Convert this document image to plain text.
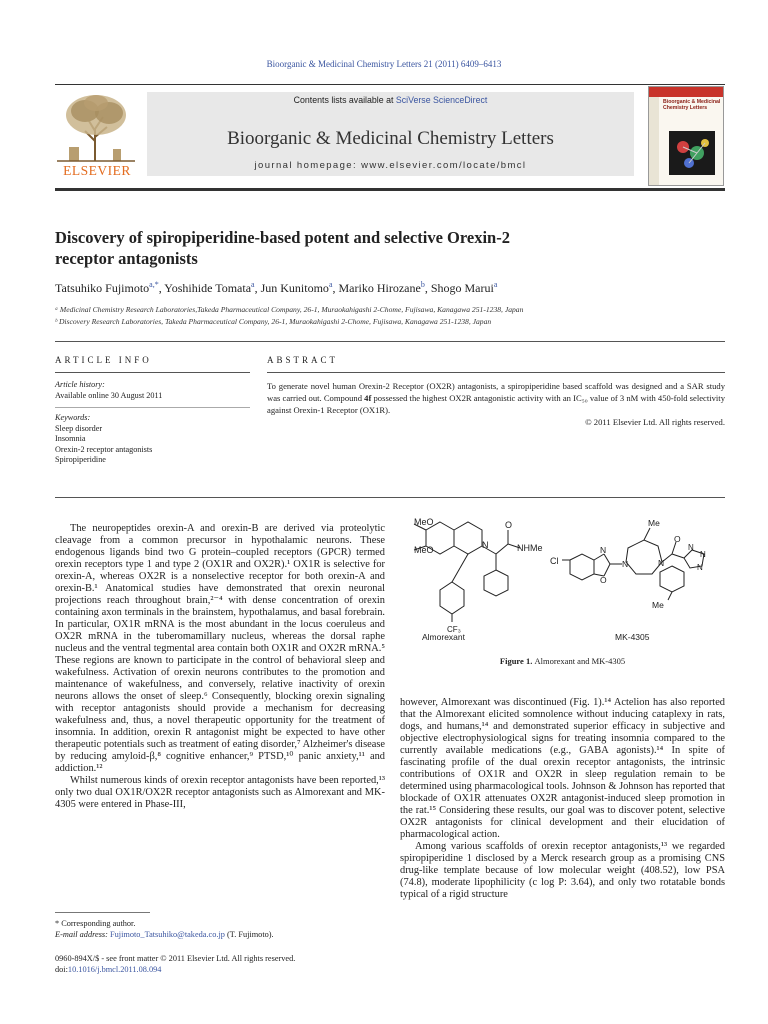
Bioorganic & Medicinal Chemistry Letters 21 (2011) 6409–6413
ELSEVIER
Contents lists available at SciVerse ScienceDirect
Bioorganic & Medicinal Chemistry Letters
journal homepage: www.elsevier.com/locate/bmcl
Bioorganic & Medicinal Chemistry Letters
Discovery of spiropiperidine-based potent and selective Orexin-2
receptor antagonists
Tatsuhiko Fujimoto$^{a,*}$, Yoshihide Tomata$^a$, Jun Kunitomo$^a$, Mariko Hirozane$^b$, Shogo Marui$^a$
ᵃ Medicinal Chemistry Research Laboratories,Takeda Pharmaceutical Company, 26-1, Muraokahigashi 2-Chome, Fujisawa, Kanagawa 251-1238, Japan
ᵇ Discovery Research Laboratories, Takeda Pharmaceutical Company, 26-1, Muraokahigashi 2-Chome, Fujisawa, Kanagawa 251-1238, Japan
ARTICLE INFO
Article history:
Available online 30 August 2011
Keywords:
Sleep disorder
Insomnia
Orexin-2 receptor antagonists
Spiropiperidine
ABSTRACT
To generate novel human Orexin-2 Receptor (OX2R) antagonists, a spiropiperidine based scaffold was designed and a SAR study was carried out. Compound 4f possessed the highest OX2R antagonistic activity with an IC₅₀ value of 3 nM with 450-fold selectivity against Orexin-1 Receptor (OX1R).
© 2011 Elsevier Ltd. All rights reserved.

The neuropeptides orexin-A and orexin-B are derived via proteolytic cleavage from a common precursor in hypothalamic neurons. These endogenous ligands bind two G protein–coupled receptors (GPCR) termed orexin receptors type 1 and type 2 (OX1R and OX2R).¹ OX1R is selective for orexin-A, whereas OX2R is a nonselective receptor for both orexin-A and orexin-B.¹ Anatomical studies have demonstrated that orexin neuronal projections reach throughout brain,²⁻⁴ with dense concentration of orexin containing axon terminals in the brainstem, hypothalamus, and basal forebrain. In particular, OX1R mRNA is the most abundant in the locus coeruleus and OX2R mRNA in the tuberomamillary nucleus, whereas the dorsal raphe nucleus and the ventral tegmental area contain both OX1R and OX2R mRNA.⁵ These regions are known to participate in the control of behavioral sleep and wakefulness. Activation of orexin neurons contributes to the promotion and maintenance of wakefulness, and conversely, relative inactivity of orexin neurons allows the onset of sleep.⁶ Consequently, blocking orexin signaling with receptor antagonists should provide a mechanism for decreasing wakefulness and, thus, a novel therapeutic opportunity for the treatment of insomnia. In addition, orexin R antagonist might be expected to have other therapeutic potentials such as treatment of eating disorder,⁷ Alzheimer's disease by reducing amyloid-β,⁸ cognitive enhancer,⁹ PTSD,¹⁰ panic anxiety,¹¹ and addiction.¹²

Whilst numerous kinds of orexin receptor antagonists have been reported,¹³ only two dual OX1R/OX2R receptor antagonists such as Almorexant and MK-4305 were entered in Phase-III,

MeO
MeO
O
NHMe
N
CF₃
Almorexant
Cl
N
O
N	N
O
N
N
N
Me
Me
MK-4305
Figure 1. Almorexant and MK-4305

however, Almorexant was discontinued (Fig. 1).¹⁴ Actelion has also reported that the Almorexant elicited somnolence without inducing cataplexy in rats, dogs, and humans,¹⁴ and demonstrated superior efficacy in subjective and objective electrophysiological signs for treating insomnia compared to the currently available medications (e.g., GABA agonists).¹⁴ In spite of fascinating profile of the dual orexin receptor antagonists, the intrinsic contributions of OX1R and OX2R in sleep regulation remain to be determined using pharmacological tools. Johnson & Johnson has reported that blockade of OX1R attenuates OX2R antagonist-induced sleep promotion in the rat.¹⁵ Considering these results, our goal was to discover potent, selective OX2R antagonists for clinical development and their elucidation of pharmacological action.

Among various scaffolds of orexin receptor antagonists,¹³ we regarded spiropiperidine 1 disclosed by a Merck research group as a promising CNS drug-like template because of low molecular weight (408.52), low PSA (74.8), moderate lipophilicity (c log P: 3.64), and only two rotatable bonds typical of a rigid structure

* Corresponding author.
E-mail address: Fujimoto_Tatsuhiko@takeda.co.jp (T. Fujimoto).
0960-894X/$ - see front matter © 2011 Elsevier Ltd. All rights reserved.
doi:10.1016/j.bmcl.2011.08.094
